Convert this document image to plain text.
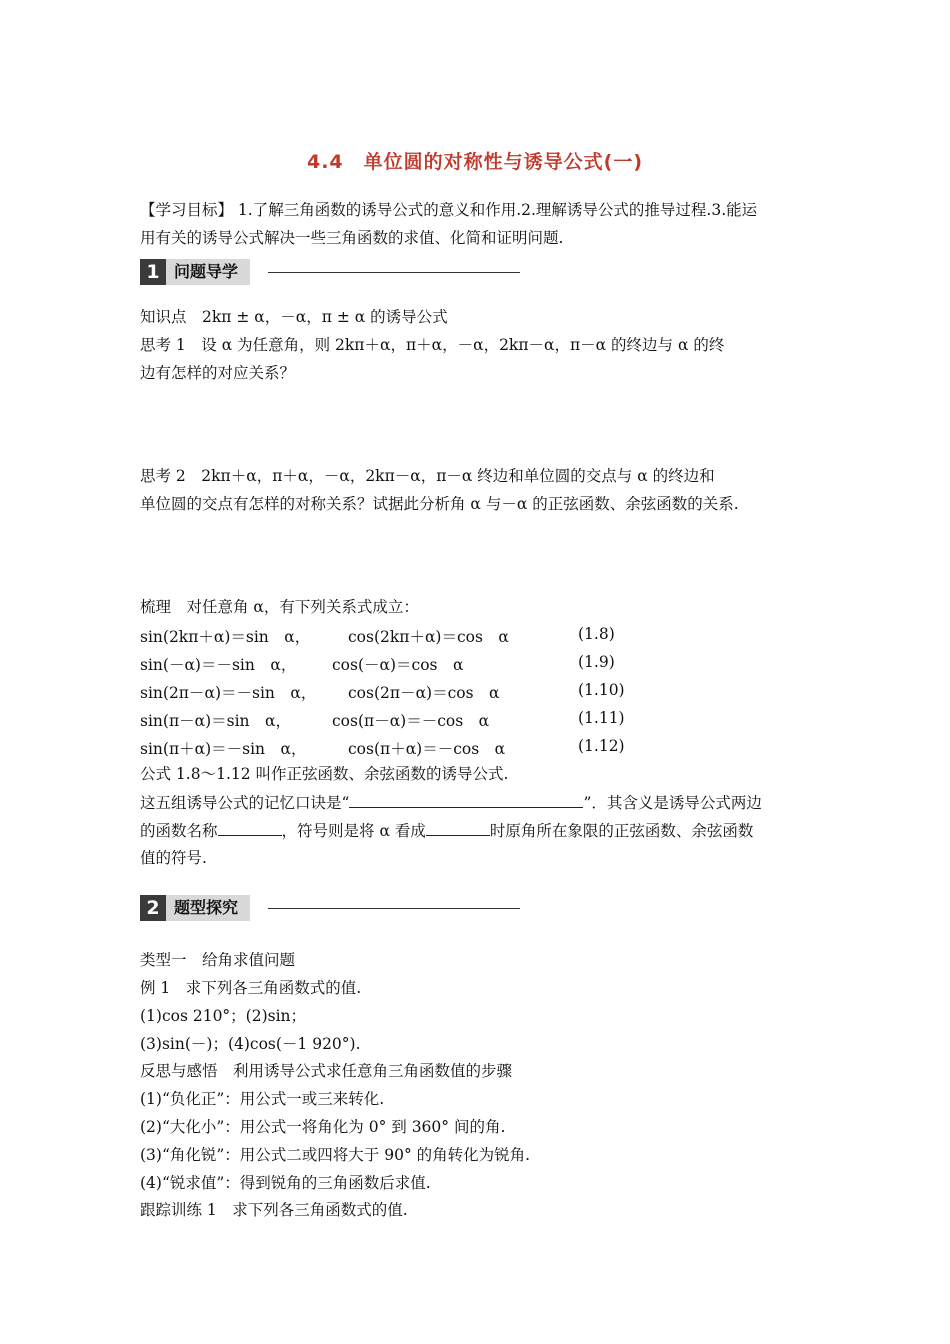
4.4　单位圆的对称性与诱导公式(一)
【学习目标】 1.了解三角函数的诱导公式的意义和作用.2.理解诱导公式的推导过程.3.能运
用有关的诱导公式解决一些三角函数的求值、化简和证明问题.
1 问题导学
知识点　2kπ ± α，－α，π ± α 的诱导公式
思考 1　设 α 为任意角，则 2kπ＋α，π＋α，－α，2kπ－α，π－α 的终边与 α 的终
边有怎样的对应关系？
思考 2　2kπ＋α，π＋α，－α，2kπ－α，π－α 终边和单位圆的交点与 α 的终边和
单位圆的交点有怎样的对称关系？试据此分析角 α 与－α 的正弦函数、余弦函数的关系.
梳理　对任意角 α，有下列关系式成立：
sin(2kπ＋α)＝sin　α， cos(2kπ＋α)＝cos　α	(1.8)
sin(－α)＝－sin　α， cos(－α)＝cos　α	(1.9)
sin(2π－α)＝－sin　α， cos(2π－α)＝cos　α	(1.10)
sin(π－α)＝sin　α，	cos(π－α)＝－cos　α	(1.11)
sin(π＋α)＝－sin　α，	cos(π＋α)＝－cos　α	(1.12)
公式 1.8～1.12 叫作正弦函数、余弦函数的诱导公式.
这五组诱导公式的记忆口诀是“	”．其含义是诱导公式两边
的函数名称	，符号则是将 α 看成	时原角所在象限的正弦函数、余弦函数
值的符号.
2 题型探究
类型一　给角求值问题
例 1　求下列各三角函数式的值.
(1)cos 210°；(2)sin；
(3)sin(－)；(4)cos(－1 920°).
反思与感悟　利用诱导公式求任意角三角函数值的步骤
(1)“负化正”：用公式一或三来转化.
(2)“大化小”：用公式一将角化为 0° 到 360° 间的角.
(3)“角化锐”：用公式二或四将大于 90° 的角转化为锐角.
(4)“锐求值”：得到锐角的三角函数后求值.
跟踪训练 1　求下列各三角函数式的值.
